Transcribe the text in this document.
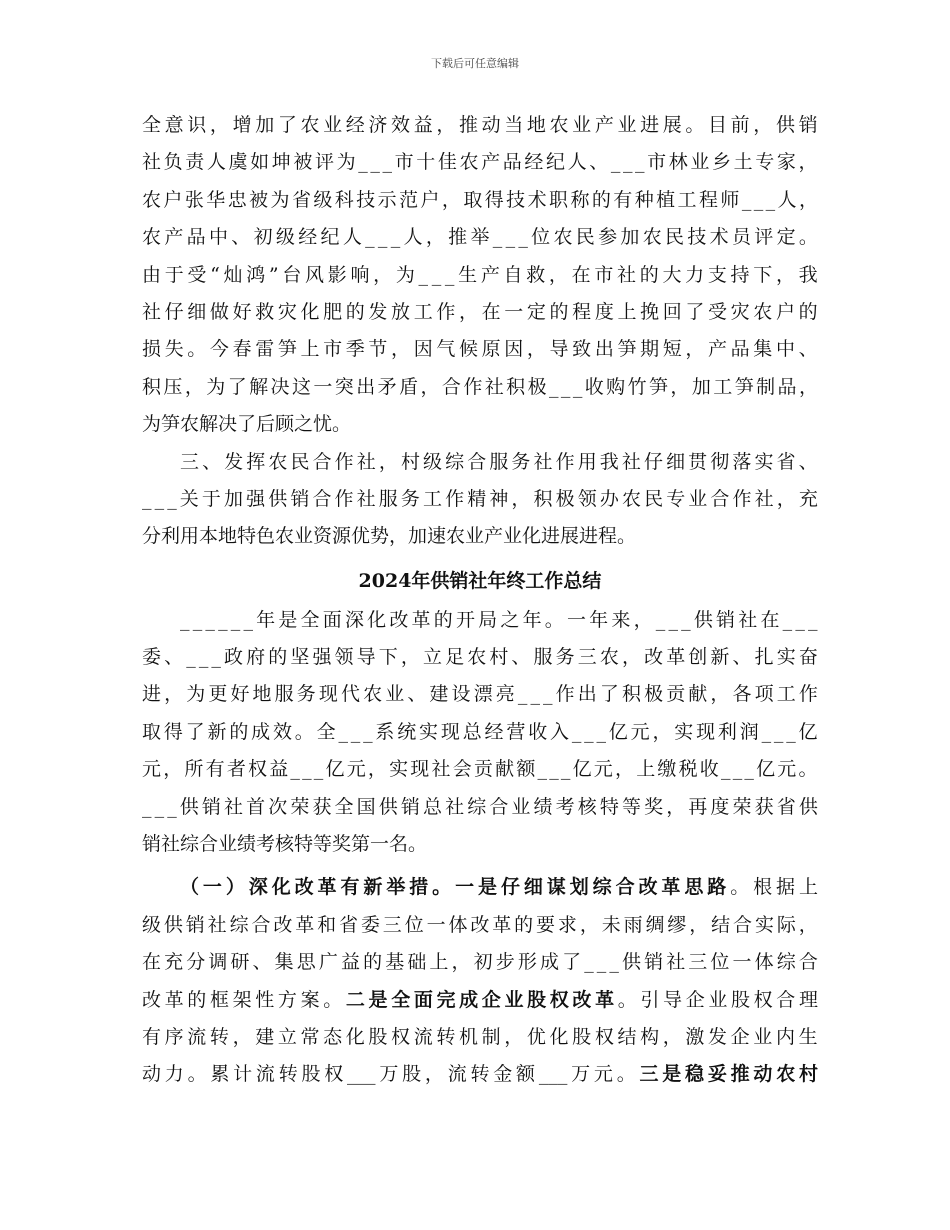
下载后可任意编辑
全 意 识 ， 增 加 了 农 业 经 济 效 益 ， 推 动 当 地 农 业 产 业 进 展 。 目 前 ， 供 销
社 负 责 人 虞 如 坤 被 评 为 _ _ _ 市 十 佳 农 产 品 经 纪 人 、 _ _ _ 市 林 业 乡 土 专 家 ，
农 户 张 华 忠 被 为 省 级 科 技 示 范 户 ， 取 得 技 术 职 称 的 有 种 植 工 程 师 _ _ _ 人 ，
农 产 品 中 、 初 级 经 纪 人 _ _ _ 人 ， 推 举 _ _ _ 位 农 民 参 加 农 民 技 术 员 评 定 。
由 于 受 “ 灿 鸿 ” 台 风 影 响 ， 为 _ _ _ 生 产 自 救 ， 在 市 社 的 大 力 支 持 下 ， 我
社 仔 细 做 好 救 灾 化 肥 的 发 放 工 作 ， 在 一 定 的 程 度 上 挽 回 了 受 灾 农 户 的
损 失 。 今 春 雷 笋 上 市 季 节 ， 因 气 候 原 因 ， 导 致 出 笋 期 短 ， 产 品 集 中 、
积 压 ， 为 了 解 决 这 一 突 出 矛 盾 ， 合 作 社 积 极 _ _ _ 收 购 竹 笋 ， 加 工 笋 制 品 ，
为笋农解决了后顾之忧。
三 、 发 挥 农 民 合 作 社 ， 村 级 综 合 服 务 社 作 用 我 社 仔 细 贯 彻 落 实 省 、
_ _ _ 关 于 加 强 供 销 合 作 社 服 务 工 作 精 神 ， 积 极 领 办 农 民 专 业 合 作 社 ， 充
分利用本地特色农业资源优势，加速农业产业化进展进程。
2024年供销社年终工作总结
_ _ _ _ _ _ 年 是 全 面 深 化 改 革 的 开 局 之 年 。 一 年 来 ， _ _ _ 供 销 社 在 _ _ _
委 、 _ _ _ 政 府 的 坚 强 领 导 下 ， 立 足 农 村 、 服 务 三 农 ， 改 革 创 新 、 扎 实 奋
进 ， 为 更 好 地 服 务 现 代 农 业 、 建 设 漂 亮 _ _ _ 作 出 了 积 极 贡 献 ， 各 项 工 作
取 得 了 新 的 成 效 。 全 _ _ _ 系 统 实 现 总 经 营 收 入 _ _ _ 亿 元 ， 实 现 利 润 _ _ _ 亿
元 ， 所 有 者 权 益 _ _ _ 亿 元 ， 实 现 社 会 贡 献 额 _ _ _ 亿 元 ， 上 缴 税 收 _ _ _ 亿 元 。
_ _ _ 供 销 社 首 次 荣 获 全 国 供 销 总 社 综 合 业 绩 考 核 特 等 奖 ， 再 度 荣 获 省 供
销社综合业绩考核特等奖第一名。
（一）深化改革有新举措。一是仔细谋划综合改革思路。根据上
级 供 销 社 综 合 改 革 和 省 委 三 位 一 体 改 革 的 要 求 ， 未 雨 绸 缪 ， 结 合 实 际 ，
在 充 分 调 研 、 集 思 广 益 的 基 础 上 ， 初 步 形 成 了 _ _ _ 供 销 社 三 位 一 体 综 合
改革的框架性方案。二是全面完成企业股权改革。引导企业股权合理
有 序 流 转 ， 建 立 常 态 化 股 权 流 转 机 制 ， 优 化 股 权 结 构 ， 激 发 企 业 内 生
动力。累计流转股权___万股，流转金额___万元。三是稳妥推动农村
